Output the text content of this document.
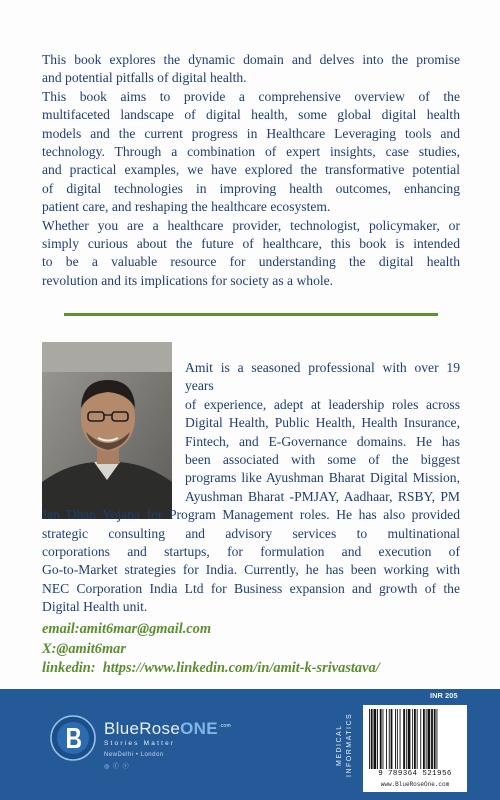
This book explores the dynamic domain and delves into the promise
and potential pitfalls of digital health.
This book aims to provide a comprehensive overview of the
multifaceted landscape of digital health, some global digital health
models and the current progress in Healthcare Leveraging tools and
technology. Through a combination of expert insights, case studies,
and practical examples, we have explored the transformative potential
of digital technologies in improving health outcomes, enhancing
patient care, and reshaping the healthcare ecosystem.
Whether you are a healthcare provider, technologist, policymaker, or
simply curious about the future of healthcare, this book is intended
to be a valuable resource for understanding the digital health
revolution and its implications for society as a whole.
Amit is a seasoned professional with over 19 years
of experience, adept at leadership roles across
Digital Health, Public Health, Health Insurance,
Fintech, and E-Governance domains. He has
been associated with some of the biggest
programs like Ayushman Bharat Digital Mission,
Ayushman Bharat -PMJAY, Aadhaar, RSBY, PM
Jan Dhan Yojana for Program Management roles. He has also provided
strategic consulting and advisory services to multinational
corporations and startups, for formulation and execution of
Go-to-Market strategies for India. Currently, he has been working with
NEC Corporation India Ltd for Business expansion and growth of the
Digital Health unit.
email:amit6mar@gmail.com
X:@amit6mar
linkedin: https://www.linkedin.com/in/amit-k-srivastava/
BlueRoseONE$^{.com}$
Stories Matter
NewDelhi • London
◎ ⓕ ⓥ
MEDICAL INFORMATICS
INR 205
9 789364 521956
www.BlueRoseOne.com
